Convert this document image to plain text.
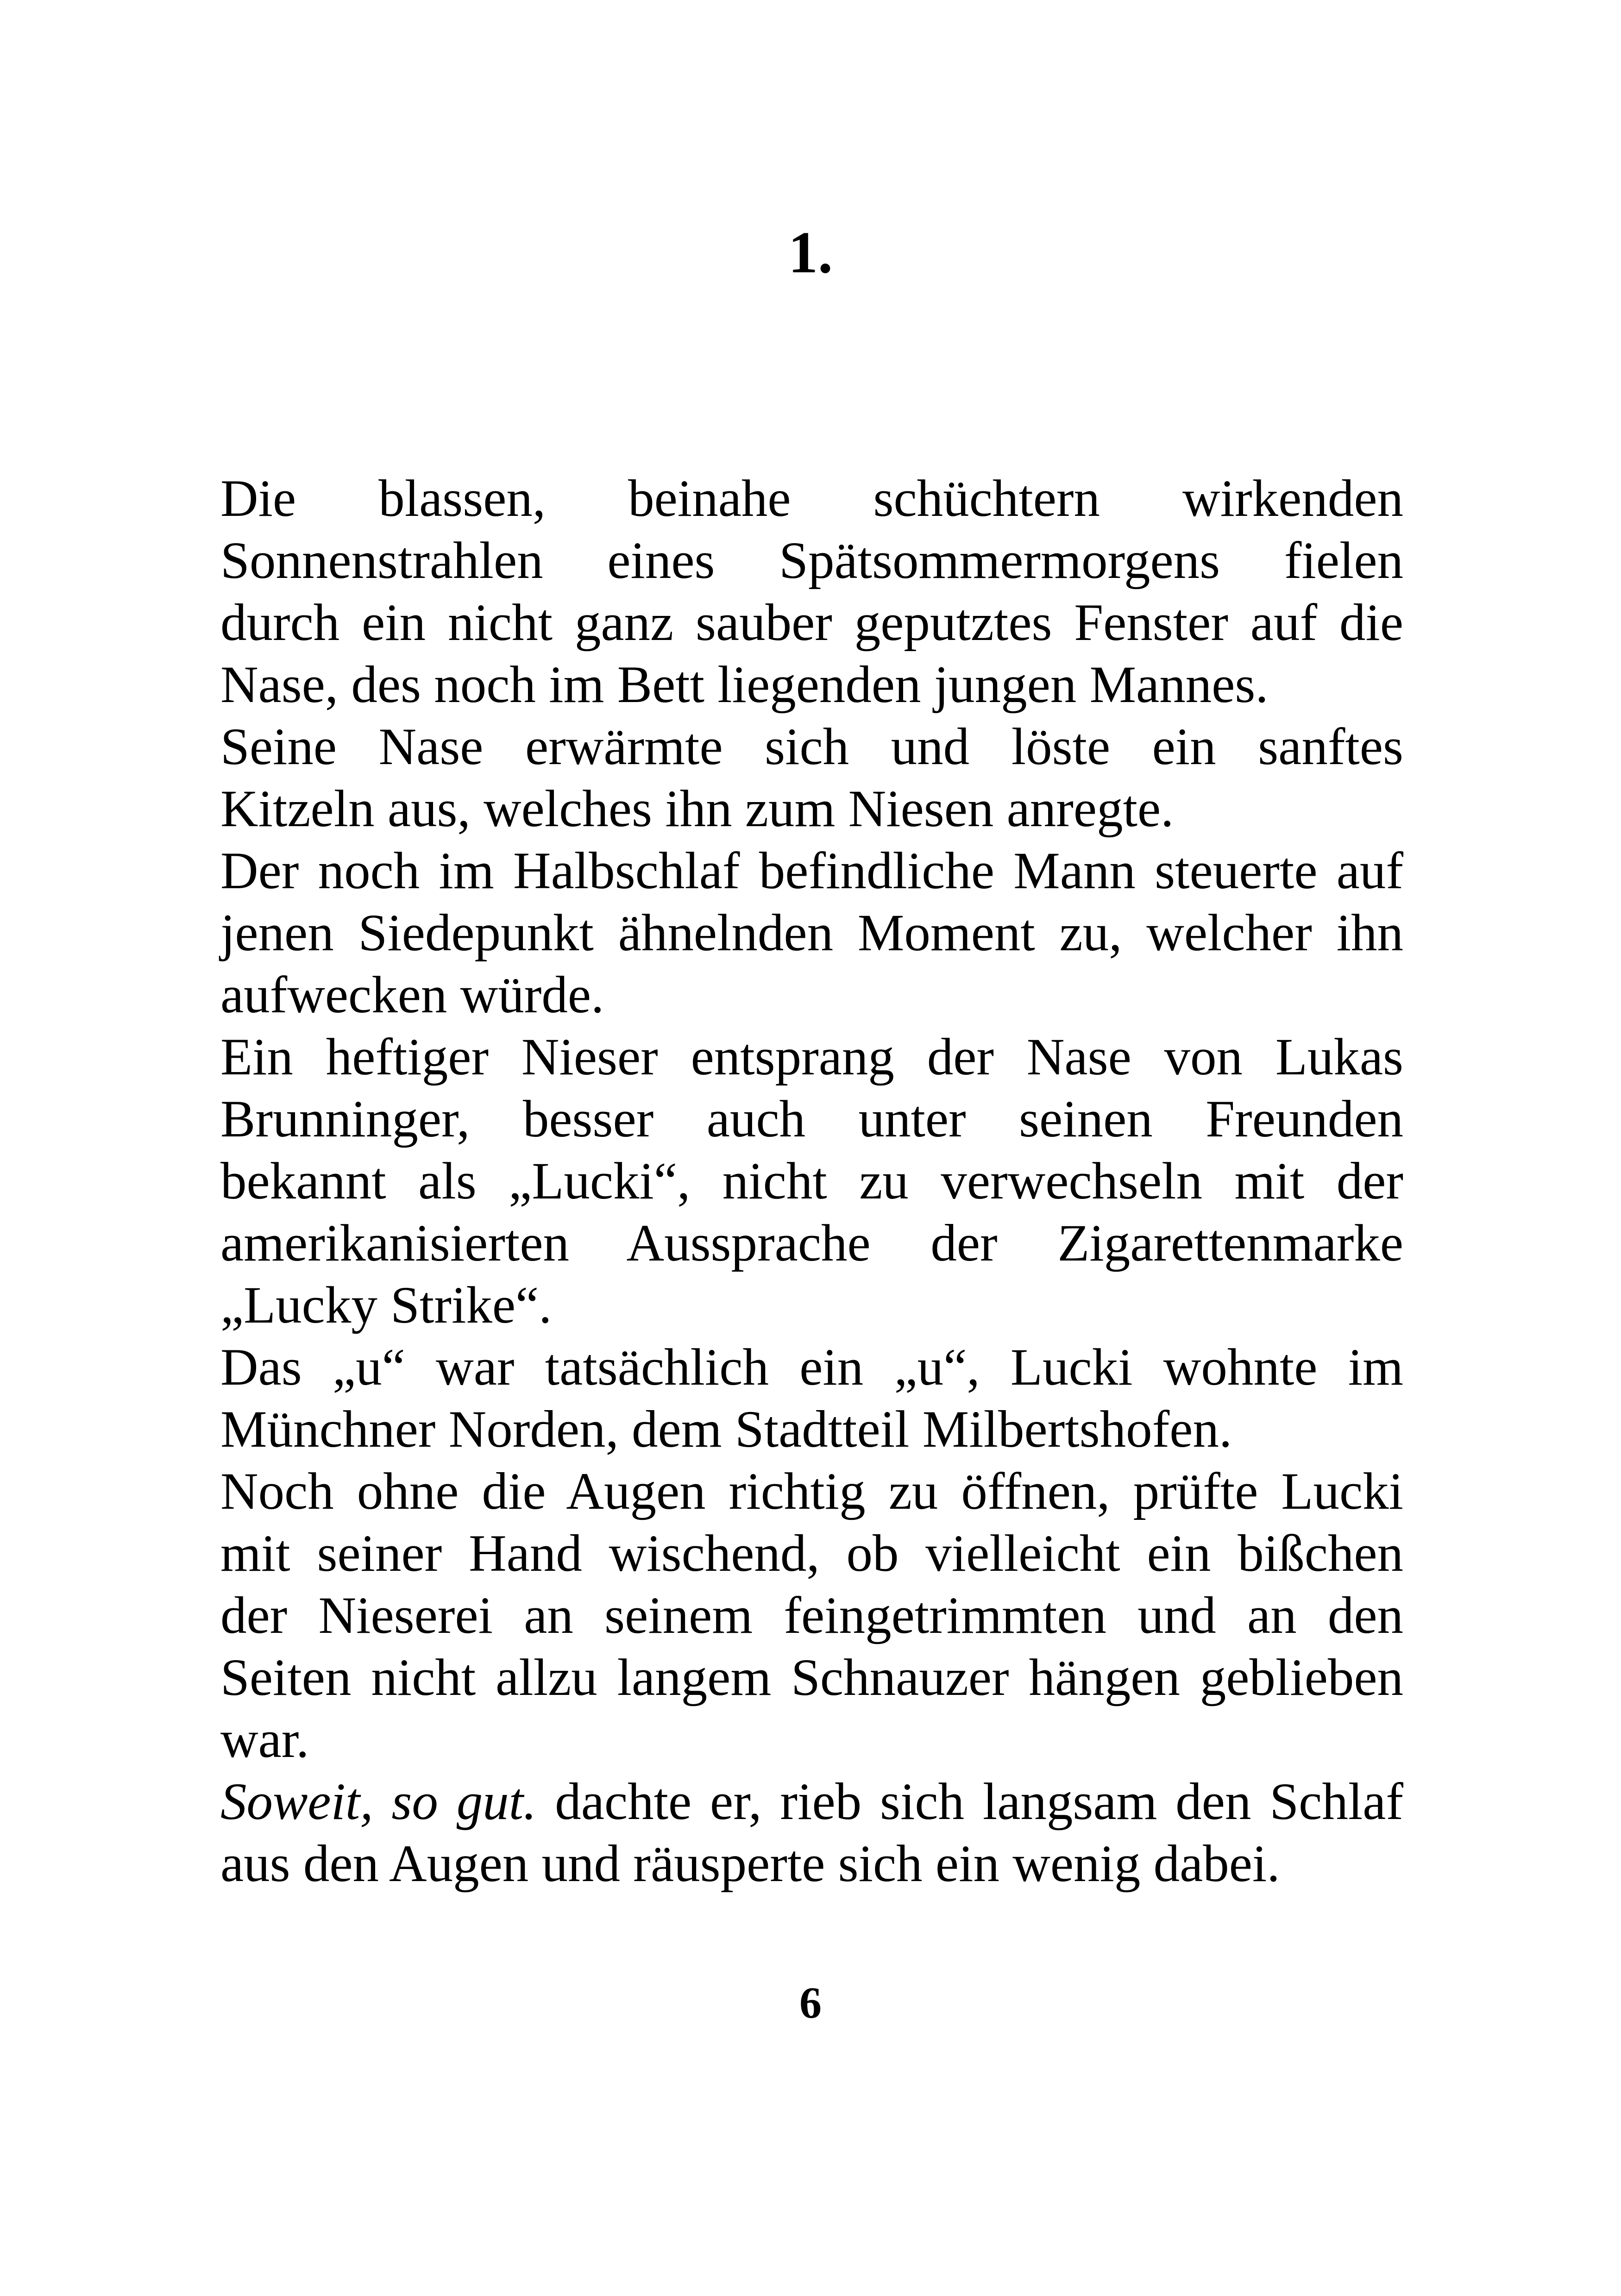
1.

Die blassen, beinahe schüchtern wirkenden
Sonnenstrahlen eines Spätsommermorgens fielen
durch ein nicht ganz sauber geputztes Fenster auf die
Nase, des noch im Bett liegenden jungen Mannes.

Seine Nase erwärmte sich und löste ein sanftes
Kitzeln aus, welches ihn zum Niesen anregte.

Der noch im Halbschlaf befindliche Mann steuerte auf
jenen Siedepunkt ähnelnden Moment zu, welcher ihn
aufwecken würde.

Ein heftiger Nieser entsprang der Nase von Lukas
Brunninger, besser auch unter seinen Freunden
bekannt als „Lucki“, nicht zu verwechseln mit der
amerikanisierten Aussprache der Zigarettenmarke
„Lucky Strike“.

Das „u“ war tatsächlich ein „u“, Lucki wohnte im
Münchner Norden, dem Stadtteil Milbertshofen.

Noch ohne die Augen richtig zu öffnen, prüfte Lucki
mit seiner Hand wischend, ob vielleicht ein bißchen
der Nieserei an seinem feingetrimmten und an den
Seiten nicht allzu langem Schnauzer hängen geblieben
war.

Soweit, so gut. dachte er, rieb sich langsam den Schlaf
aus den Augen und räusperte sich ein wenig dabei.

6
